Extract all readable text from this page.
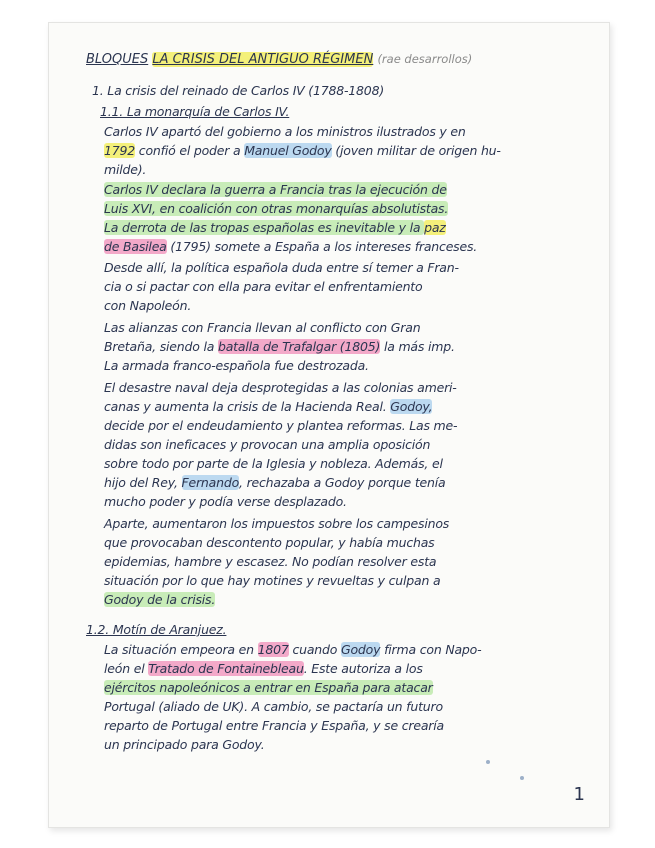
BLOQUES LA CRISIS DEL ANTIGUO RÉGIMEN (rae desarrollos)
1. La crisis del reinado de Carlos IV (1788-1808)
1.1. La monarquía de Carlos IV.
Carlos IV apartó del gobierno a los ministros ilustrados y en
1792 confió el poder a Manuel Godoy (joven militar de origen hu-
milde).
Carlos IV declara la guerra a Francia tras la ejecución de
Luis XVI, en coalición con otras monarquías absolutistas.
La derrota de las tropas españolas es inevitable y la paz
de Basilea (1795) somete a España a los intereses franceses.
Desde allí, la política española duda entre sí temer a Fran-
cia o si pactar con ella para evitar el enfrentamiento
con Napoleón.
Las alianzas con Francia llevan al conflicto con Gran
Bretaña, siendo la batalla de Trafalgar (1805) la más imp.
La armada franco-española fue destrozada.
El desastre naval deja desprotegidas a las colonias ameri-
canas y aumenta la crisis de la Hacienda Real. Godoy,
decide por el endeudamiento y plantea reformas. Las me-
didas son ineficaces y provocan una amplia oposición
sobre todo por parte de la Iglesia y nobleza. Además, el
hijo del Rey, Fernando, rechazaba a Godoy porque tenía
mucho poder y podía verse desplazado.
Aparte, aumentaron los impuestos sobre los campesinos
que provocaban descontento popular, y había muchas
epidemias, hambre y escasez. No podían resolver esta
situación por lo que hay motines y revueltas y culpan a
Godoy de la crisis.
1.2. Motín de Aranjuez.
La situación empeora en 1807 cuando Godoy firma con Napo-
león el Tratado de Fontainebleau. Este autoriza a los
ejércitos napoleónicos a entrar en España para atacar
Portugal (aliado de UK). A cambio, se pactaría un futuro
reparto de Portugal entre Francia y España, y se crearía
un principado para Godoy.
1
